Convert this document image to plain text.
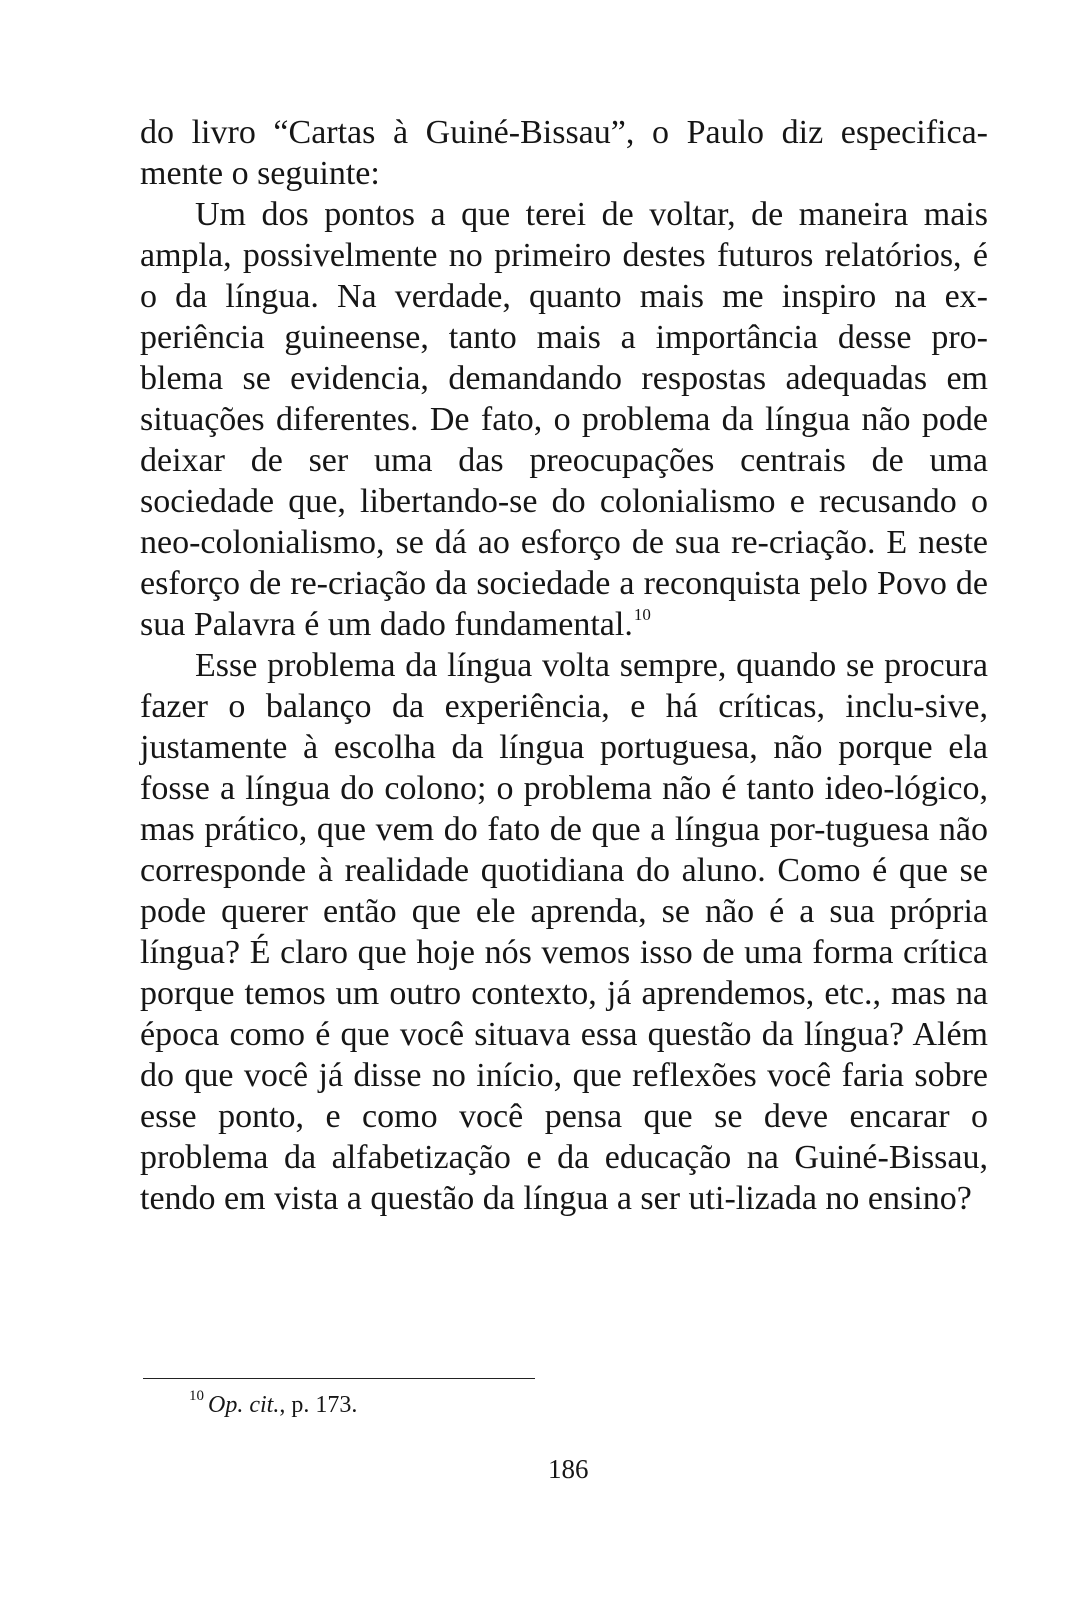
do livro “Cartas à Guiné-Bissau”, o Paulo diz especifica-mente o seguinte:

Um dos pontos a que terei de voltar, de maneira mais ampla, possivelmente no primeiro destes futuros relatórios, é o da língua. Na verdade, quanto mais me inspiro na ex-periência guineense, tanto mais a importância desse pro-blema se evidencia, demandando respostas adequadas em situações diferentes. De fato, o problema da língua não pode deixar de ser uma das preocupações centrais de uma sociedade que, libertando-se do colonialismo e recusando o neo-colonialismo, se dá ao esforço de sua re-criação. E neste esforço de re-criação da sociedade a reconquista pelo Povo de sua Palavra é um dado fundamental.$^{10}$

Esse problema da língua volta sempre, quando se procura fazer o balanço da experiência, e há críticas, inclu-sive, justamente à escolha da língua portuguesa, não porque ela fosse a língua do colono; o problema não é tanto ideo-lógico, mas prático, que vem do fato de que a língua por-tuguesa não corresponde à realidade quotidiana do aluno. Como é que se pode querer então que ele aprenda, se não é a sua própria língua? É claro que hoje nós vemos isso de uma forma crítica porque temos um outro contexto, já aprendemos, etc., mas na época como é que você situava essa questão da língua? Além do que você já disse no início, que reflexões você faria sobre esse ponto, e como você pensa que se deve encarar o problema da alfabetização e da educação na Guiné-Bissau, tendo em vista a questão da língua a ser uti-lizada no ensino?

$^{10}$ Op. cit., p. 173.
186
